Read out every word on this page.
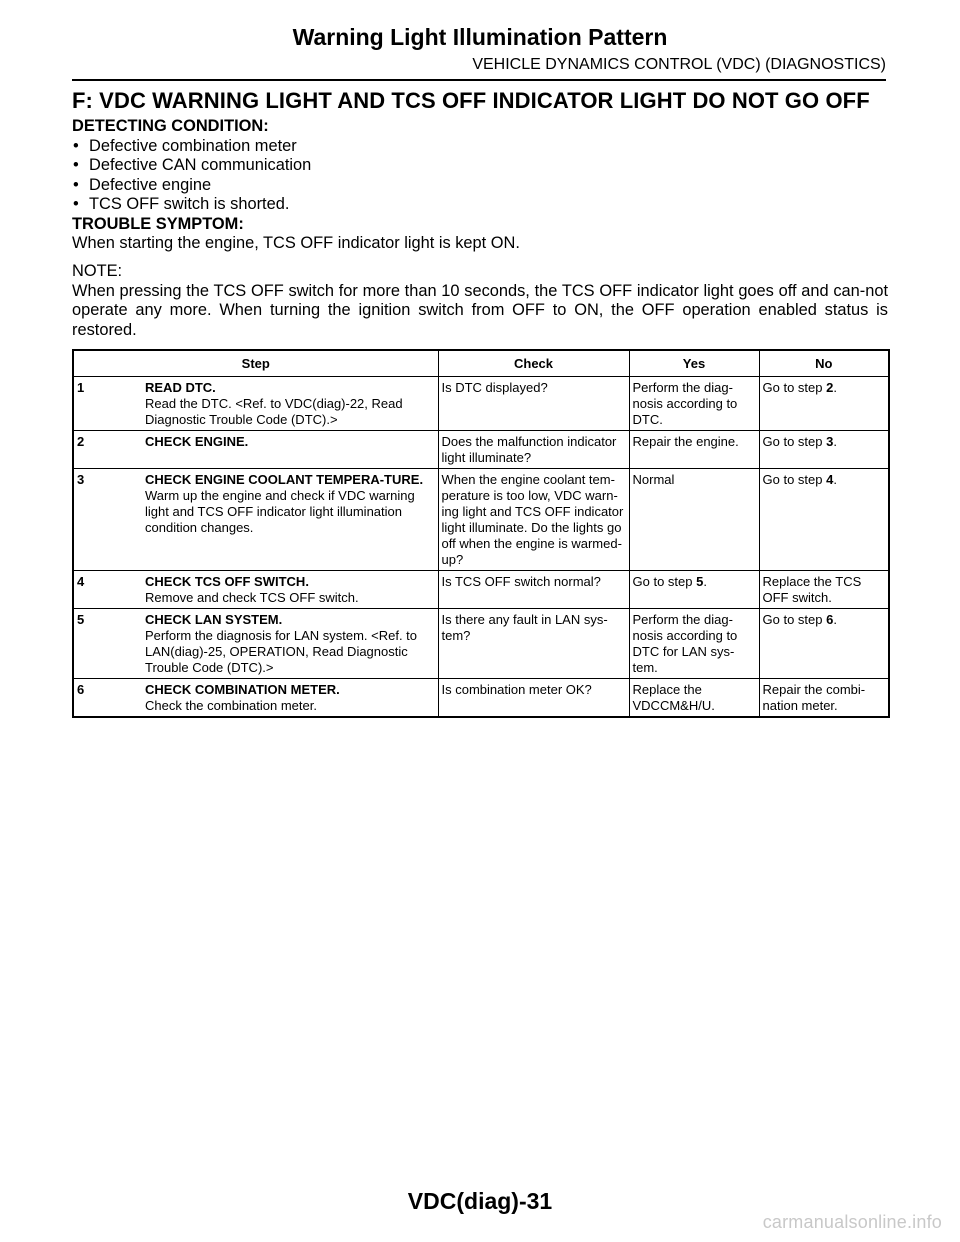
Warning Light Illumination Pattern
VEHICLE DYNAMICS CONTROL (VDC) (DIAGNOSTICS)
F: VDC WARNING LIGHT AND TCS OFF INDICATOR LIGHT DO NOT GO OFF
DETECTING CONDITION:
• Defective combination meter
• Defective CAN communication
• Defective engine
• TCS OFF switch is shorted.
TROUBLE SYMPTOM:
When starting the engine, TCS OFF indicator light is kept ON.
NOTE:
When pressing the TCS OFF switch for more than 10 seconds, the TCS OFF indicator light goes off and can-not operate any more. When turning the ignition switch from OFF to ON, the OFF operation enabled status is restored.
Step	Check	Yes	No

1 READ DTC.
Read the DTC. <Ref. to VDC(diag)-22, Read Diagnostic Trouble Code (DTC).>	Is DTC displayed?	Perform the diag-nosis according to DTC.	Go to step 2.

2 CHECK ENGINE.	Does the malfunction indicator light illuminate?	Repair the engine.	Go to step 3.

3 CHECK ENGINE COOLANT TEMPERA-TURE.
Warm up the engine and check if VDC warning light and TCS OFF indicator light illumination condition changes.	When the engine coolant tem-perature is too low, VDC warn-ing light and TCS OFF indicator light illuminate. Do the lights go off when the engine is warmed-up?	Normal	Go to step 4.

4 CHECK TCS OFF SWITCH.
Remove and check TCS OFF switch.	Is TCS OFF switch normal?	Go to step 5.	Replace the TCS OFF switch.

5 CHECK LAN SYSTEM.
Perform the diagnosis for LAN system. <Ref. to LAN(diag)-25, OPERATION, Read Diagnostic Trouble Code (DTC).>	Is there any fault in LAN sys-tem?	Perform the diag-nosis according to DTC for LAN sys-tem.	Go to step 6.

6 CHECK COMBINATION METER.
Check the combination meter.	Is combination meter OK?	Replace the VDCCM&H/U.	Repair the combi-nation meter.
VDC(diag)-31
carmanualsonline.info
